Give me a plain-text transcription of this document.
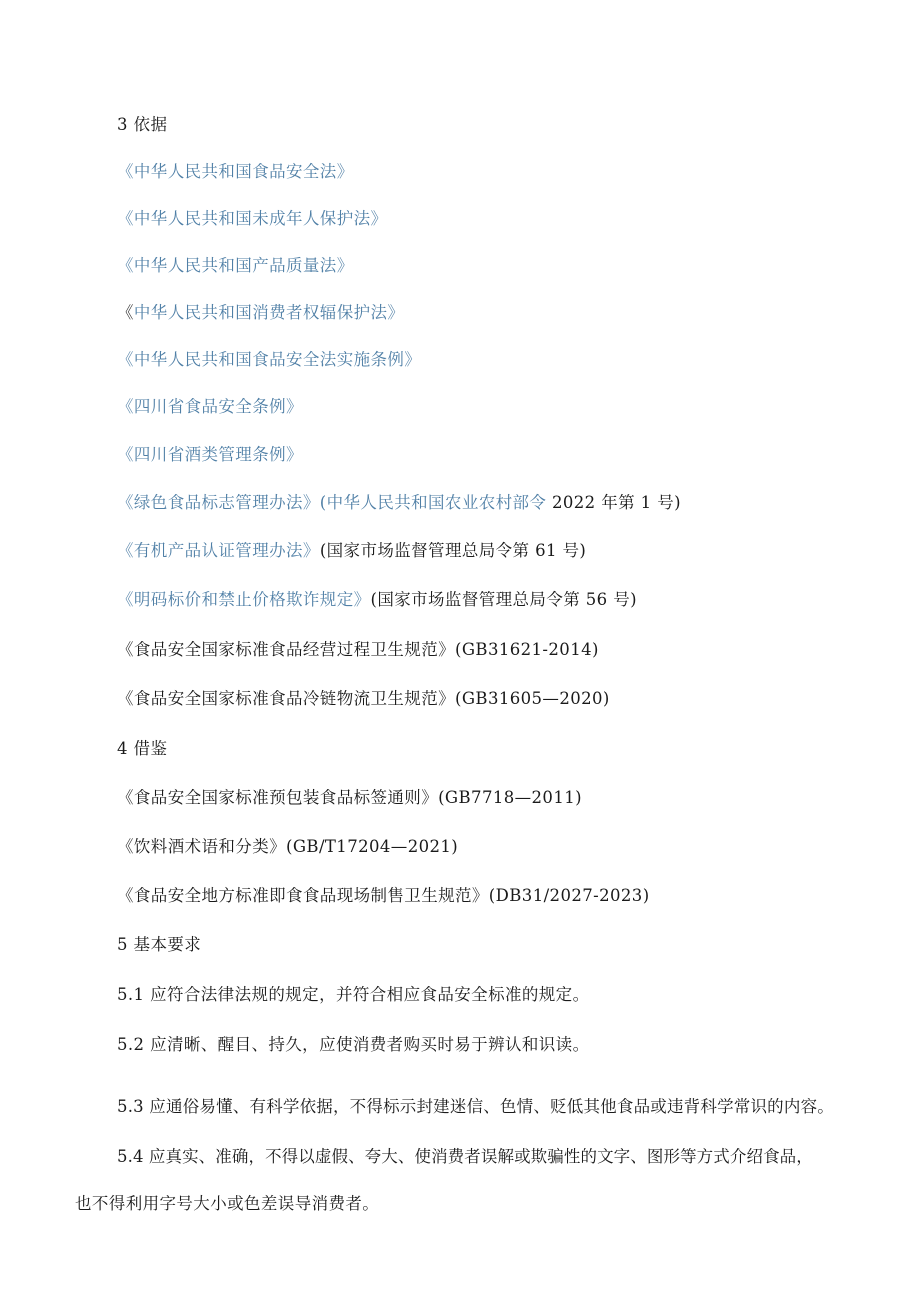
3 依据
《中华人民共和国食品安全法》
《中华人民共和国未成年人保护法》
《中华人民共和国产品质量法》
《中华人民共和国消费者权辐保护法》
《中华人民共和国食品安全法实施条例》
《四川省食品安全条例》
《四川省酒类管理条例》
《绿色食品标志管理办法》(中华人民共和国农业农村部令 2022 年第 1 号)
《有机产品认证管理办法》(国家市场监督管理总局令第 61 号)
《明码标价和禁止价格欺诈规定》(国家市场监督管理总局令第 56 号)
《食品安全国家标准食品经营过程卫生规范》(GB31621-2014)
《食品安全国家标准食品冷链物流卫生规范》(GB31605—2020)
4 借鉴
《食品安全国家标准预包装食品标签通则》(GB7718—2011)
《饮料酒术语和分类》(GB/T17204—2021)
《食品安全地方标准即食食品现场制售卫生规范》(DB31/2027-2023)
5 基本要求
5.1 应符合法律法规的规定，并符合相应食品安全标准的规定。
5.2 应清晰、醒目、持久，应使消费者购买时易于辨认和识读。
5.3 应通俗易懂、有科学依据，不得标示封建迷信、色情、贬低其他食品或违背科学常识的内容。
5.4 应真实、准确，不得以虚假、夸大、使消费者误解或欺骗性的文字、图形等方式介绍食品，
也不得利用字号大小或色差误导消费者。
